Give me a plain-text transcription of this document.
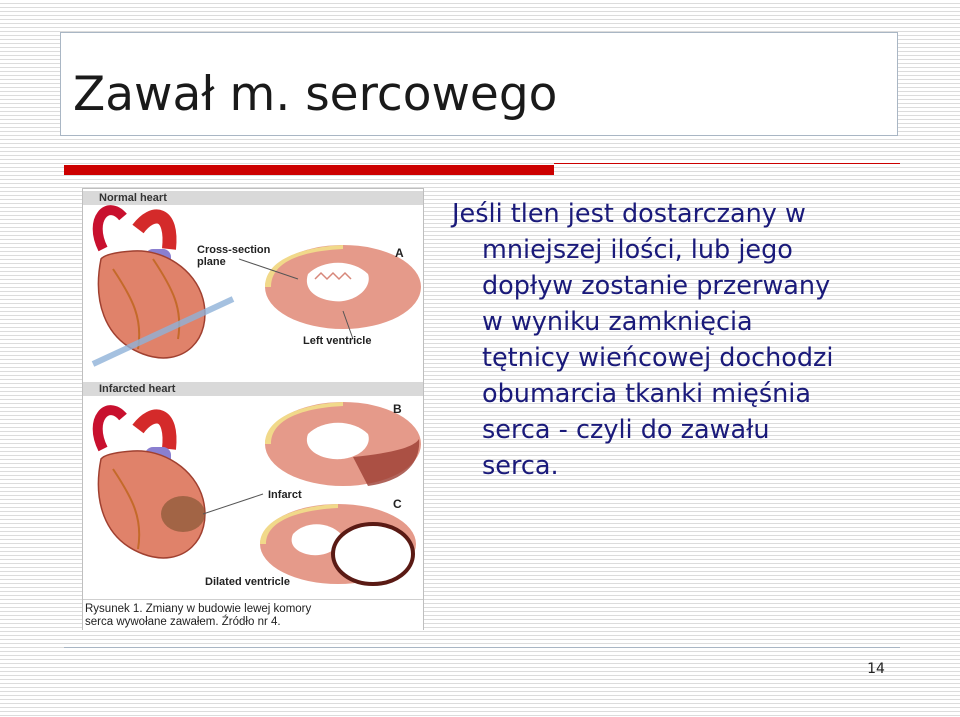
Zawał m. sercowego
Normal heart
Infarcted heart
Cross-section
plane
A
Left ventricle
B
Infarct
C
Dilated ventricle
Rysunek 1. Zmiany w budowie lewej komory
serca wywołane zawałem. Źródło nr 4.
Jeśli tlen jest dostarczany w
mniejszej ilości, lub jego
dopływ zostanie przerwany
w wyniku zamknięcia
tętnicy wieńcowej dochodzi
obumarcia tkanki mięśnia
serca - czyli do zawału
serca.
14
